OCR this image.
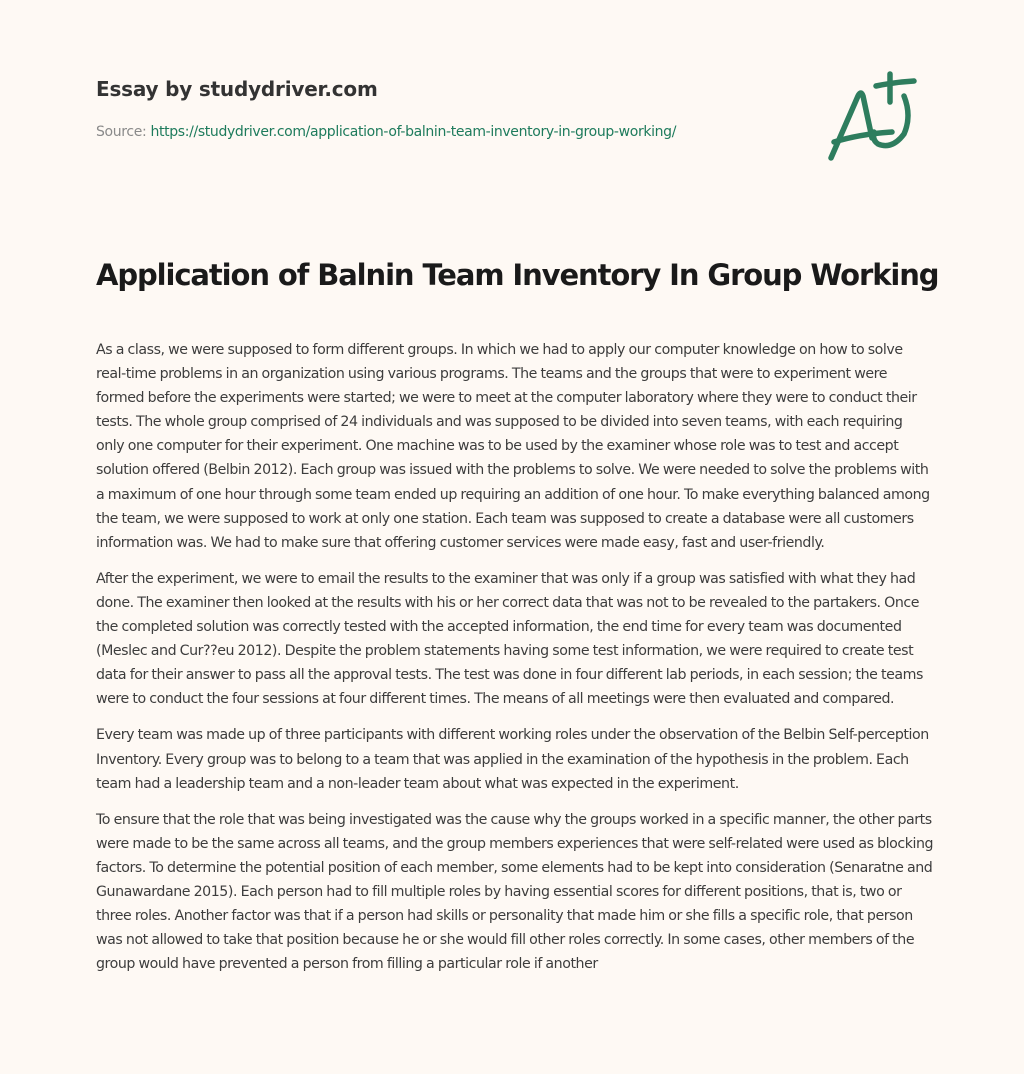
Essay by studydriver.com
Source: https://studydriver.com/application-of-balnin-team-inventory-in-group-working/
Application of Balnin Team Inventory In Group Working

As a class, we were supposed to form different groups. In which we had to apply our computer knowledge on how to solve real-time problems in an organization using various programs. The teams and the groups that were to experiment were formed before the experiments were started; we were to meet at the computer laboratory where they were to conduct their tests. The whole group comprised of 24 individuals and was supposed to be divided into seven teams, with each requiring only one computer for their experiment. One machine was to be used by the examiner whose role was to test and accept solution offered (Belbin 2012). Each group was issued with the problems to solve. We were needed to solve the problems with a maximum of one hour through some team ended up requiring an addition of one hour. To make everything balanced among the team, we were supposed to work at only one station. Each team was supposed to create a database were all customers information was. We had to make sure that offering customer services were made easy, fast and user-friendly.

After the experiment, we were to email the results to the examiner that was only if a group was satisfied with what they had done. The examiner then looked at the results with his or her correct data that was not to be revealed to the partakers. Once the completed solution was correctly tested with the accepted information, the end time for every team was documented (Meslec and Cur??eu 2012). Despite the problem statements having some test information, we were required to create test data for their answer to pass all the approval tests. The test was done in four different lab periods, in each session; the teams were to conduct the four sessions at four different times. The means of all meetings were then evaluated and compared.

Every team was made up of three participants with different working roles under the observation of the Belbin Self-perception Inventory. Every group was to belong to a team that was applied in the examination of the hypothesis in the problem. Each team had a leadership team and a non-leader team about what was expected in the experiment.

To ensure that the role that was being investigated was the cause why the groups worked in a specific manner, the other parts were made to be the same across all teams, and the group members experiences that were self-related were used as blocking factors. To determine the potential position of each member, some elements had to be kept into consideration (Senaratne and Gunawardane 2015). Each person had to fill multiple roles by having essential scores for different positions, that is, two or three roles. Another factor was that if a person had skills or personality that made him or she fills a specific role, that person was not allowed to take that position because he or she would fill other roles correctly. In some cases, other members of the group would have prevented a person from filling a particular role if another
